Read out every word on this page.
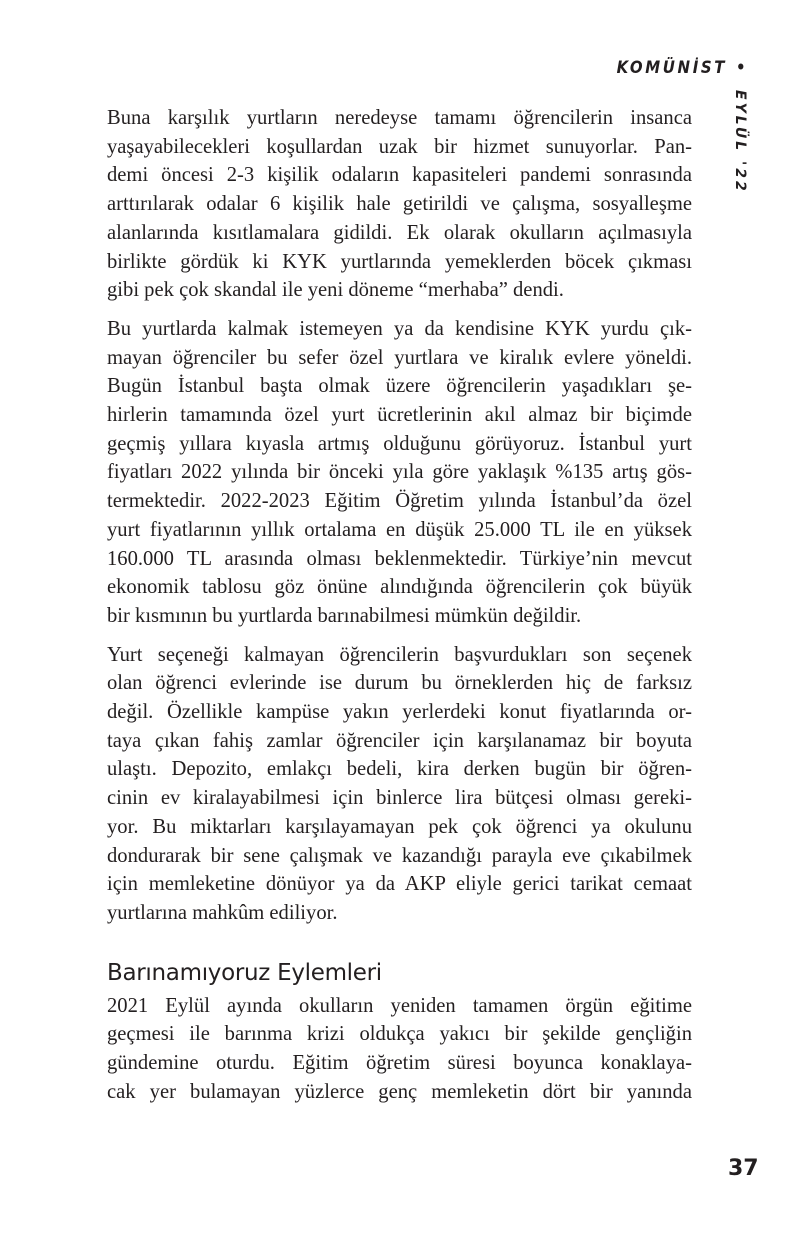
KOMÜNİST •
EYLÜL '22

Buna karşılık yurtların neredeyse tamamı öğrencilerin insanca
yaşayabilecekleri koşullardan uzak bir hizmet sunuyorlar. Pan-
demi öncesi 2-3 kişilik odaların kapasiteleri pandemi sonrasında
arttırılarak odalar 6 kişilik hale getirildi ve çalışma, sosyalleşme
alanlarında kısıtlamalara gidildi. Ek olarak okulların açılmasıyla
birlikte gördük ki KYK yurtlarında yemeklerden böcek çıkması
gibi pek çok skandal ile yeni döneme “merhaba” dendi.

Bu yurtlarda kalmak istemeyen ya da kendisine KYK yurdu çık-
mayan öğrenciler bu sefer özel yurtlara ve kiralık evlere yöneldi.
Bugün İstanbul başta olmak üzere öğrencilerin yaşadıkları şe-
hirlerin tamamında özel yurt ücretlerinin akıl almaz bir biçimde
geçmiş yıllara kıyasla artmış olduğunu görüyoruz. İstanbul yurt
fiyatları 2022 yılında bir önceki yıla göre yaklaşık %135 artış gös-
termektedir. 2022-2023 Eğitim Öğretim yılında İstanbul’da özel
yurt fiyatlarının yıllık ortalama en düşük 25.000 TL ile en yüksek
160.000 TL arasında olması beklenmektedir. Türkiye’nin mevcut
ekonomik tablosu göz önüne alındığında öğrencilerin çok büyük
bir kısmının bu yurtlarda barınabilmesi mümkün değildir.

Yurt seçeneği kalmayan öğrencilerin başvurdukları son seçenek
olan öğrenci evlerinde ise durum bu örneklerden hiç de farksız
değil. Özellikle kampüse yakın yerlerdeki konut fiyatlarında or-
taya çıkan fahiş zamlar öğrenciler için karşılanamaz bir boyuta
ulaştı. Depozito, emlakçı bedeli, kira derken bugün bir öğren-
cinin ev kiralayabilmesi için binlerce lira bütçesi olması gereki-
yor. Bu miktarları karşılayamayan pek çok öğrenci ya okulunu
dondurarak bir sene çalışmak ve kazandığı parayla eve çıkabilmek
için memleketine dönüyor ya da AKP eliyle gerici tarikat cemaat
yurtlarına mahkûm ediliyor.

Barınamıyoruz Eylemleri

2021 Eylül ayında okulların yeniden tamamen örgün eğitime
geçmesi ile barınma krizi oldukça yakıcı bir şekilde gençliğin
gündemine oturdu. Eğitim öğretim süresi boyunca konaklaya-
cak yer bulamayan yüzlerce genç memleketin dört bir yanında

37
